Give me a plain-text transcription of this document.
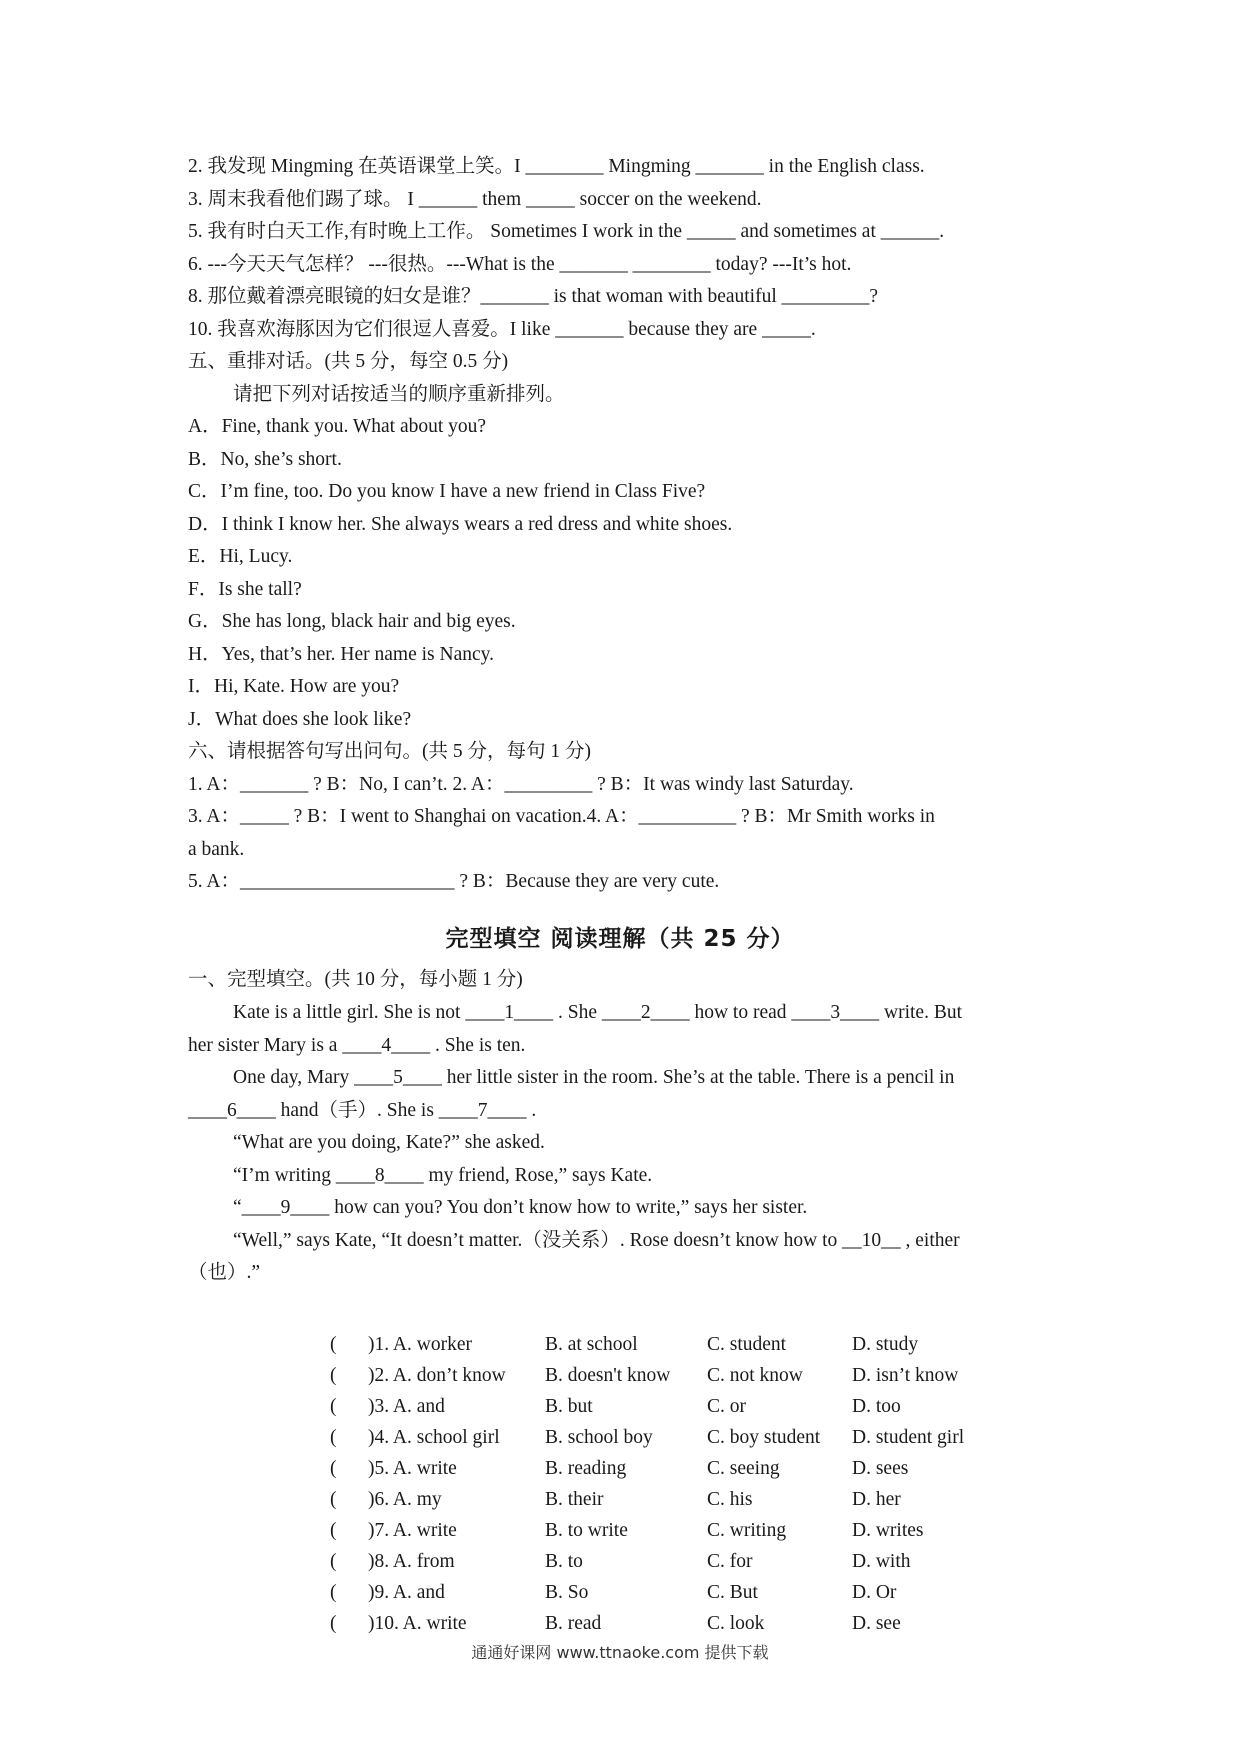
2. 我发现 Mingming 在英语课堂上笑。I ________ Mingming _______ in the English class.
3. 周末我看他们踢了球。 I ______ them _____ soccer on the weekend.
5. 我有时白天工作,有时晚上工作。 Sometimes I work in the _____ and sometimes at ______.
6. ---今天天气怎样？ ---很热。---What is the _______ ________ today? ---It’s hot.
8. 那位戴着漂亮眼镜的妇女是谁？_______ is that woman with beautiful _________?
10. 我喜欢海豚因为它们很逗人喜爱。I like _______ because they are _____.
五、重排对话。(共 5 分，每空 0.5 分)
请把下列对话按适当的顺序重新排列。
A．Fine, thank you. What about you?
B．No, she’s short.
C．I’m fine, too. Do you know I have a new friend in Class Five?
D．I think I know her. She always wears a red dress and white shoes.
E．Hi, Lucy.
F．Is she tall?
G．She has long, black hair and big eyes.
H．Yes, that’s her. Her name is Nancy.
I．Hi, Kate. How are you?
J．What does she look like?
六、请根据答句写出问句。(共 5 分，每句 1 分)
1. A：_______ ? B：No, I can’t. 2. A：_________ ? B：It was windy last Saturday.
3. A：_____ ? B：I went to Shanghai on vacation.4. A：__________ ? B：Mr Smith works in
a bank.
5. A：______________________ ? B：Because they are very cute.
完型填空 阅读理解（共 25 分）
一、完型填空。(共 10 分，每小题 1 分)
Kate is a little girl. She is not ____1____ . She ____2____ how to read ____3____ write. But
her sister Mary is a ____4____ . She is ten.
One day, Mary ____5____ her little sister in the room. She’s at the table. There is a pencil in
____6____ hand（手）. She is ____7____ .
“What are you doing, Kate?” she asked.
“I’m writing ____8____ my friend, Rose,” says Kate.
“____9____ how can you? You don’t know how to write,” says her sister.
“Well,” says Kate, “It doesn’t matter.（没关系）. Rose doesn’t know how to __10__ , either
（也）.”
( )1. A. worker	B. at school	C. student	D. study
( )2. A. don’t know B. doesn't know C. not know	D. isn’t know
( )3. A. and	B. but	C. or	D. too
( )4. A. school girl B. school boy	C. boy student D. student girl
( )5. A. write	B. reading	C. seeing	D. sees
( )6. A. my	B. their	C. his	D. her
( )7. A. write	B. to write	C. writing	D. writes
( )8. A. from	B. to	C. for	D. with
( )9. A. and	B. So	C. But	D. Or
( )10. A. write	B. read	C. look	D. see
通通好课网 www.ttnaoke.com 提供下载
